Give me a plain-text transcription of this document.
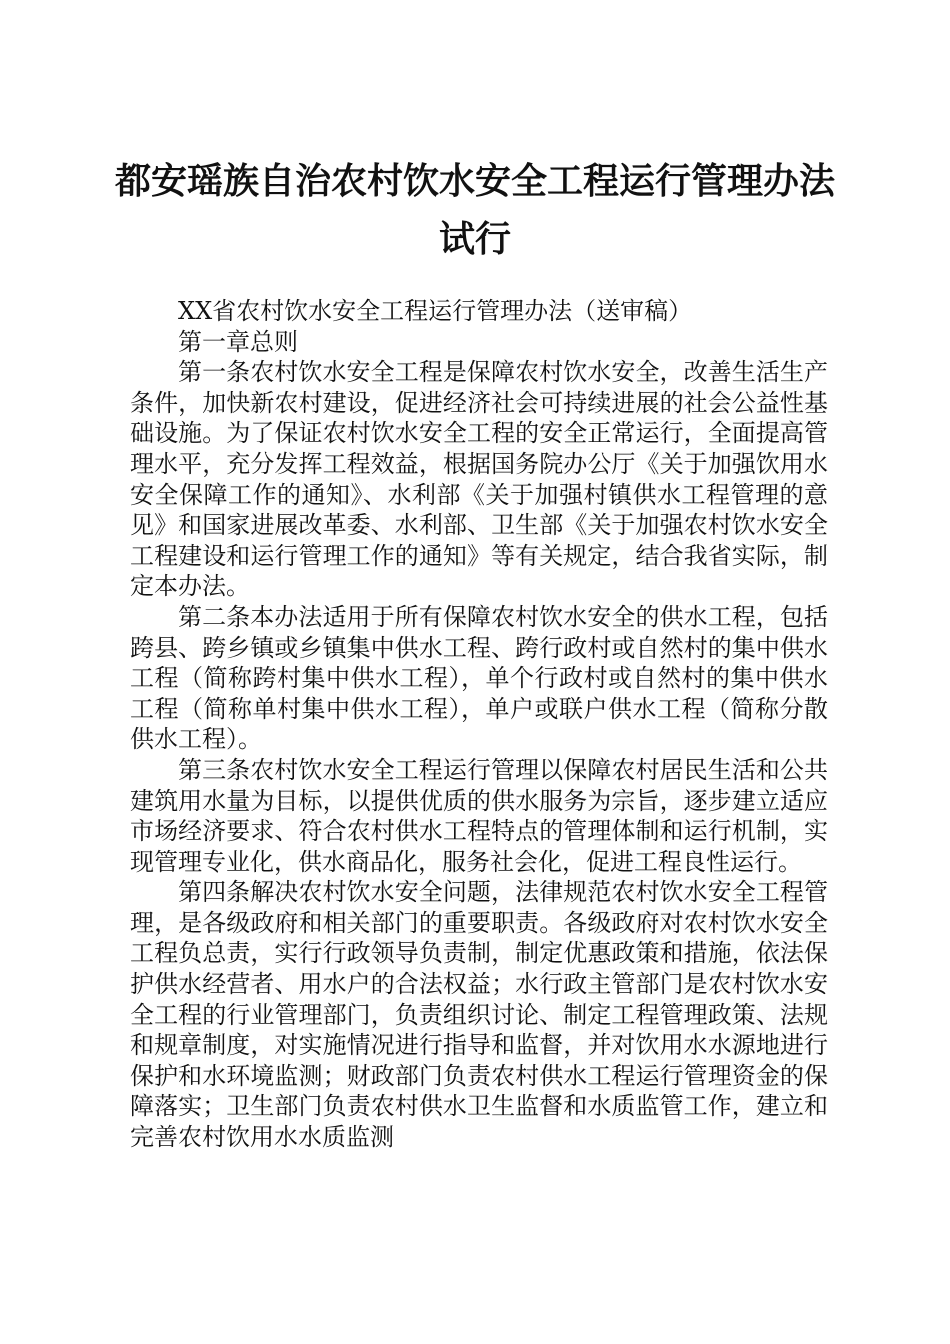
都安瑶族自治农村饮水安全工程运行管理办法
试行

XX省农村饮水安全工程运行管理办法（送审稿）

第一章总则

第一条农村饮水安全工程是保障农村饮水安全，改善生活生产条件，加快新农村建设，促进经济社会可持续进展的社会公益性基础设施。为了保证农村饮水安全工程的安全正常运行，全面提高管理水平，充分发挥工程效益，根据国务院办公厅《关于加强饮用水安全保障工作的通知》、水利部《关于加强村镇供水工程管理的意见》和国家进展改革委、水利部、卫生部《关于加强农村饮水安全工程建设和运行管理工作的通知》等有关规定，结合我省实际，制定本办法。

第二条本办法适用于所有保障农村饮水安全的供水工程，包括跨县、跨乡镇或乡镇集中供水工程、跨行政村或自然村的集中供水工程（简称跨村集中供水工程），单个行政村或自然村的集中供水工程（简称单村集中供水工程），单户或联户供水工程（简称分散供水工程）。

第三条农村饮水安全工程运行管理以保障农村居民生活和公共建筑用水量为目标，以提供优质的供水服务为宗旨，逐步建立适应市场经济要求、符合农村供水工程特点的管理体制和运行机制，实现管理专业化，供水商品化，服务社会化，促进工程良性运行。

第四条解决农村饮水安全问题，法律规范农村饮水安全工程管理，是各级政府和相关部门的重要职责。各级政府对农村饮水安全工程负总责，实行行政领导负责制，制定优惠政策和措施，依法保护供水经营者、用水户的合法权益；水行政主管部门是农村饮水安全工程的行业管理部门，负责组织讨论、制定工程管理政策、法规和规章制度，对实施情况进行指导和监督，并对饮用水水源地进行保护和水环境监测；财政部门负责农村供水工程运行管理资金的保障落实；卫生部门负责农村供水卫生监督和水质监管工作，建立和完善农村饮用水水质监测
